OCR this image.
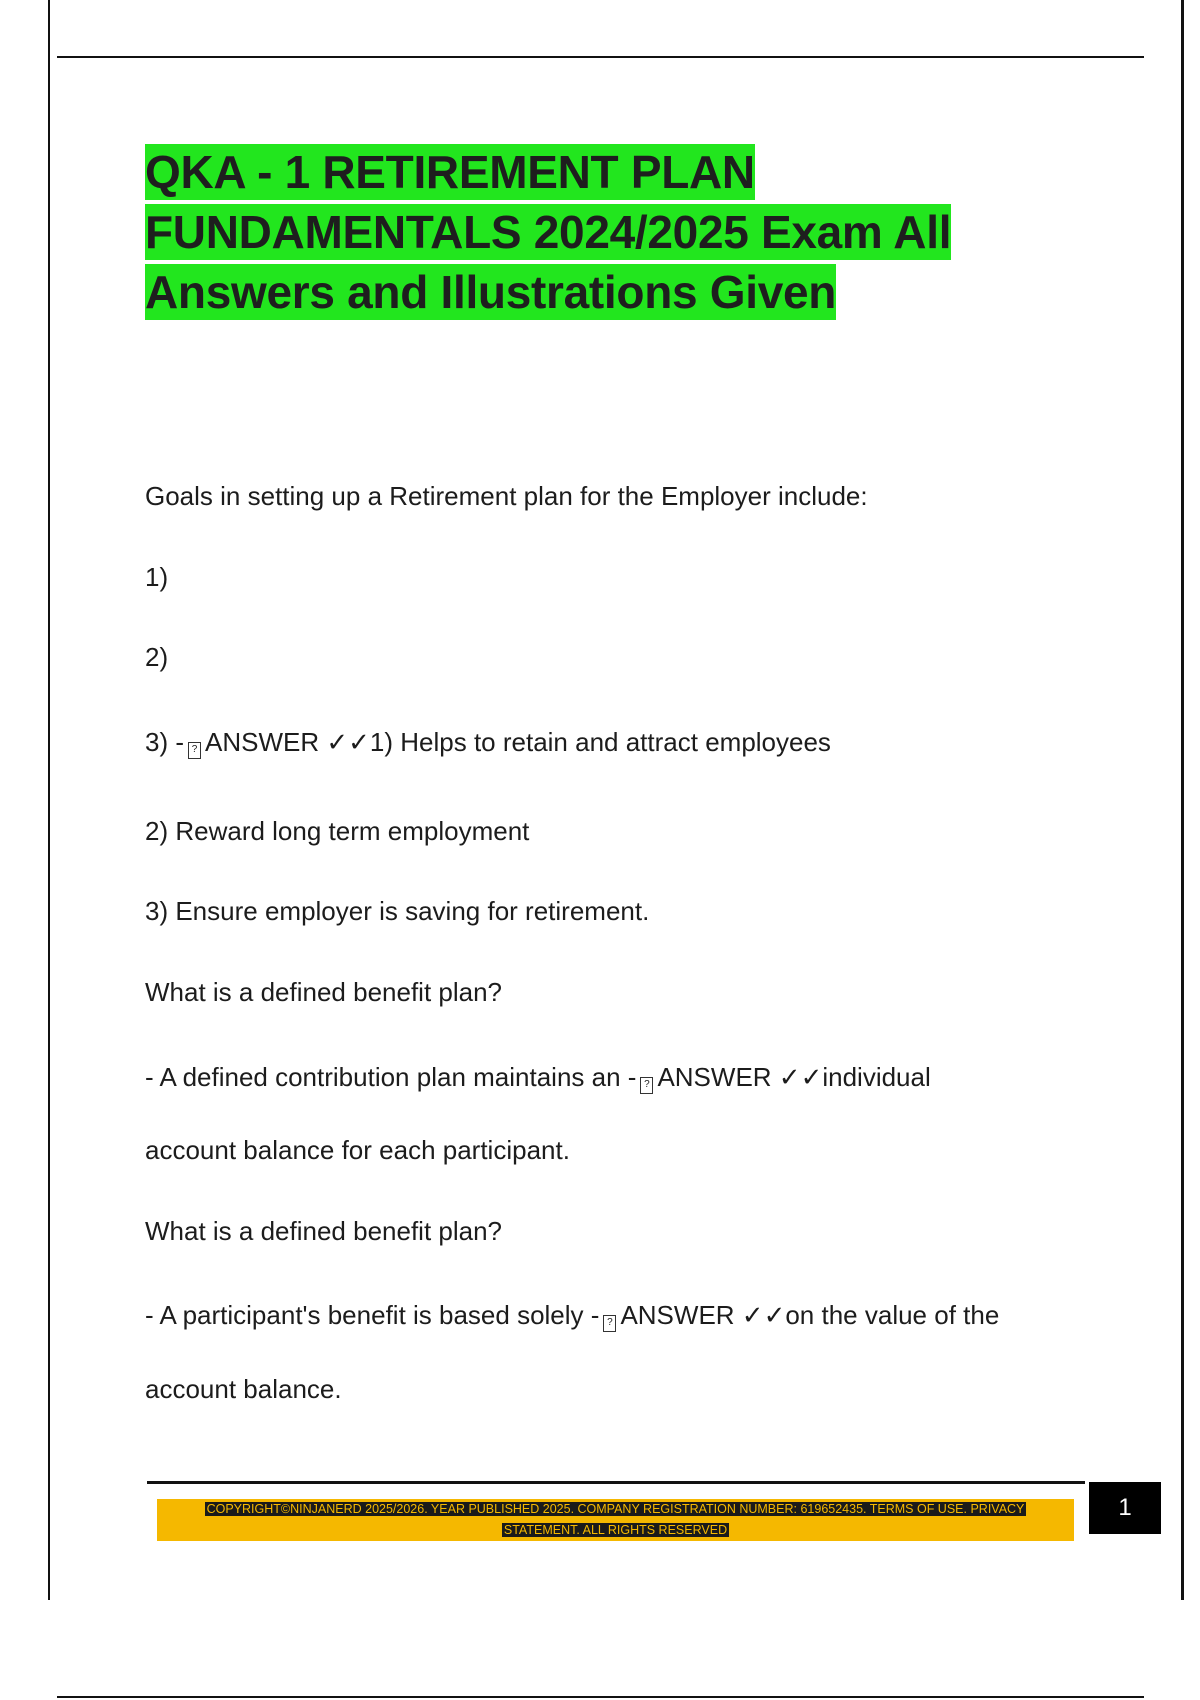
QKA - 1 RETIREMENT PLAN
FUNDAMENTALS 2024/2025 Exam All
Answers and Illustrations Given
Goals in setting up a Retirement plan for the Employer include:
1)
2)
3) - ? ANSWER ✓✓1) Helps to retain and attract employees
2) Reward long term employment
3) Ensure employer is saving for retirement.
What is a defined benefit plan?
- A defined contribution plan maintains an - ? ANSWER ✓✓individual
account balance for each participant.
What is a defined benefit plan?
- A participant's benefit is based solely - ? ANSWER ✓✓on the value of the
account balance.
COPYRIGHT©NINJANERD 2025/2026. YEAR PUBLISHED 2025. COMPANY REGISTRATION NUMBER: 619652435. TERMS OF USE. PRIVACY
STATEMENT. ALL RIGHTS RESERVED
1
